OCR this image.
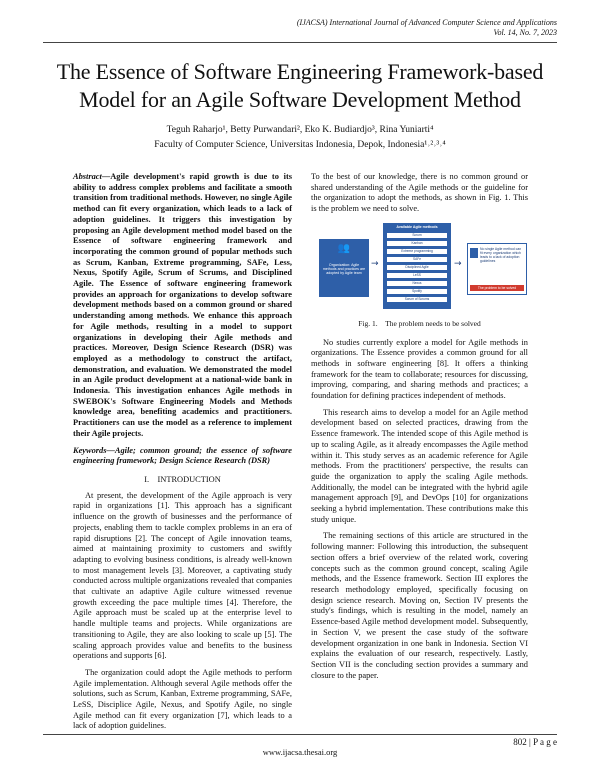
(IJACSA) International Journal of Advanced Computer Science and Applications
Vol. 14, No. 7, 2023
The Essence of Software Engineering Framework-based
Model for an Agile Software Development Method
Teguh Raharjo¹, Betty Purwandari², Eko K. Budiardjo³, Rina Yuniarti⁴
Faculty of Computer Science, Universitas Indonesia, Depok, Indonesia¹˒²˒³˒⁴

Abstract—Agile development's rapid growth is due to its ability to address complex problems and facilitate a smooth transition from traditional methods. However, no single Agile method can fit every organization, which leads to a lack of adoption guidelines. It triggers this investigation by proposing an Agile development method model based on the Essence of software engineering framework and incorporating the common ground of popular methods such as Scrum, Kanban, Extreme programming, SAFe, Less, Nexus, Spotify Agile, Scrum of Scrums, and Disciplined Agile. The Essence of software engineering framework provides an approach for organizations to develop software development methods based on a common ground or shared understanding among methods. We enhance this approach for Agile methods, resulting in a model to support organizations in developing their Agile methods and practices. Moreover, Design Science Research (DSR) was employed as a methodology to construct the artifact, demonstration, and evaluation. We demonstrated the model in an Agile product development at a national-wide bank in Indonesia. This investigation enhances Agile methods in SWEBOK's Software Engineering Models and Methods knowledge area, benefiting academics and practitioners. Practitioners can use the model as a reference to implement their Agile projects.

Keywords—Agile; common ground; the essence of software engineering framework; Design Science Research (DSR)

I. INTRODUCTION

At present, the development of the Agile approach is very rapid in organizations [1]. This approach has a significant influence on the growth of businesses and the performance of projects, enabling them to tackle complex problems in an era of rapid disruptions [2]. The concept of Agile innovation teams, aimed at maintaining proximity to customers and swiftly adapting to evolving business conditions, is already well-known to most management levels [3]. Moreover, a captivating study conducted across multiple organizations revealed that companies that cultivate an adaptive Agile culture witnessed revenue growth exceeding the pace multiple times [4]. Therefore, the Agile approach must be scaled up at the enterprise level to handle multiple teams and projects. While organizations are transitioning to Agile, they are also looking to scale up [5]. The scaling approach provides value and benefits to the business operations and supports [6].

The organization could adopt the Agile methods to perform Agile implementation. Although several Agile methods offer the solutions, such as Scrum, Kanban, Extreme programming, SAFe, LeSS, Disciplice Agile, Nexus, and Spotify Agile, no single Agile method can fit every organization [7], which leads to a lack of adoption guidelines.

To the best of our knowledge, there is no common ground or shared understanding of the Agile methods or the guideline for the organization to adopt the methods, as shown in Fig. 1. This is the problem we need to solve.

👥
Organization: Agile methods and practices are adopted by Agile team
→
Available Agile methods
Scrum
Kanban
Extreme programming
SAFe
Disciplined Agile
LeSS
Nexus
Spotify
Scrum of Scrums
→
No single Agile method can fit every organization which leads to a lack of adoption guidelines
The problem to be solved

Fig. 1. The problem needs to be solved

No studies currently explore a model for Agile methods in organizations. The Essence provides a common ground for all methods in software engineering [8]. It offers a thinking framework for the team to collaborate; resources for discussing, improving, comparing, and sharing methods and practices; a foundation for defining practices independent of methods.

This research aims to develop a model for an Agile method development based on selected practices, drawing from the Essence framework. The intended scope of this Agile method is up to scaling Agile, as it already encompasses the Agile method within it. This study serves as an academic reference for Agile methods. From the practitioners' perspective, the results can guide the organization to apply the scaling Agile methods. Additionally, the model can be integrated with the hybrid agile management approach [9], and DevOps [10] for organizations seeking a hybrid implementation. These contributions make this study unique.

The remaining sections of this article are structured in the following manner: Following this introduction, the subsequent section offers a brief overview of the related work, covering concepts such as the common ground concept, scaling Agile methods, and the Essence framework. Section III explores the research methodology employed, specifically focusing on design science research. Moving on, Section IV presents the study's findings, which is resulting in the model, namely an Essence-based Agile method development model. Subsequently, in Section V, we present the case study of the software development organization in one bank in Indonesia. Section VI explains the evaluation of our research, respectively. Lastly, Section VII is the concluding section provides a summary and closure to the paper.

802 | P a g e
www.ijacsa.thesai.org
